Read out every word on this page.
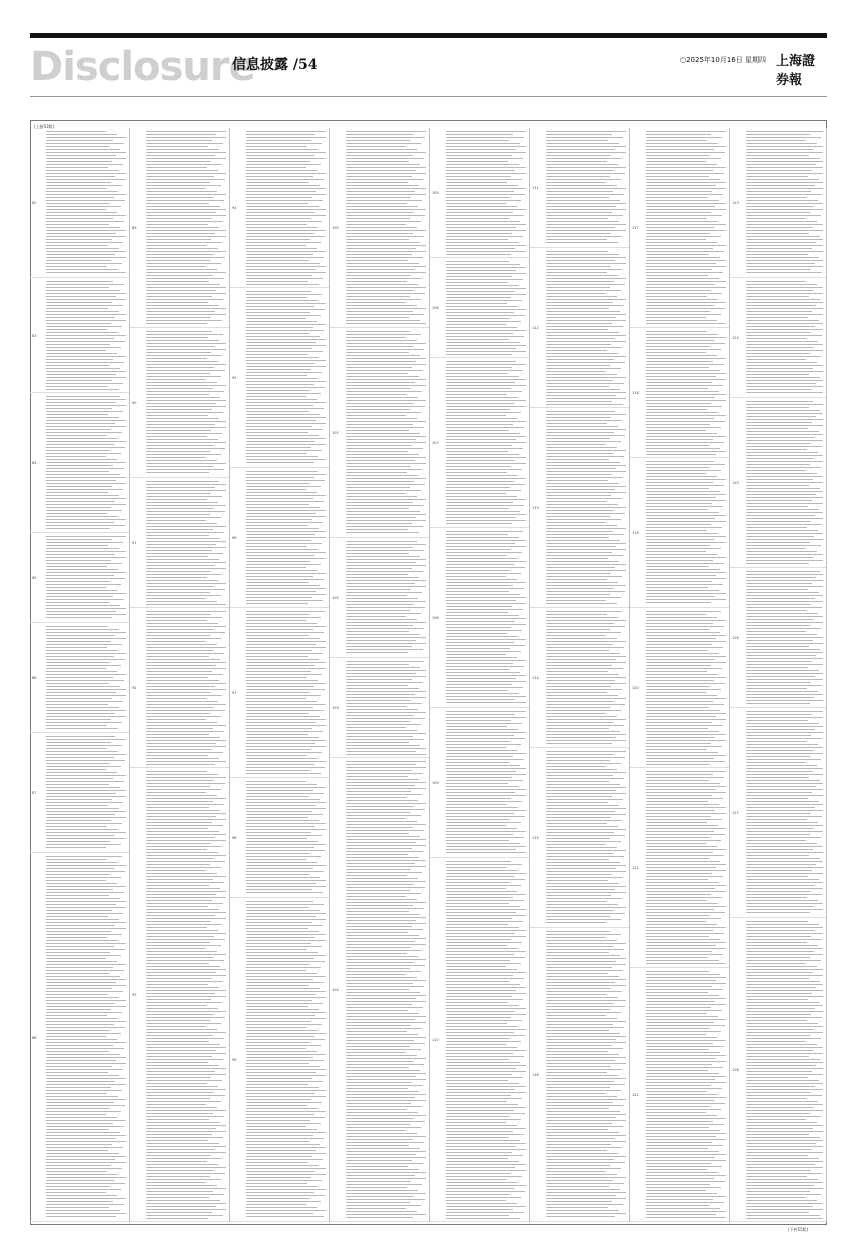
Disclosure
信息披露 /54	○2025年10月16日 星期四 上海證券報
(上接53版)
82
83
84
85
86
87
88
89
90
91
92
93
94
95
96
97
98
99
100
101
102
103
104
105
106
107
108
109
110
111
112
113
114
115
116
117
118
119
120
121
122
123
124
125
126
127
128
(下转55版)
